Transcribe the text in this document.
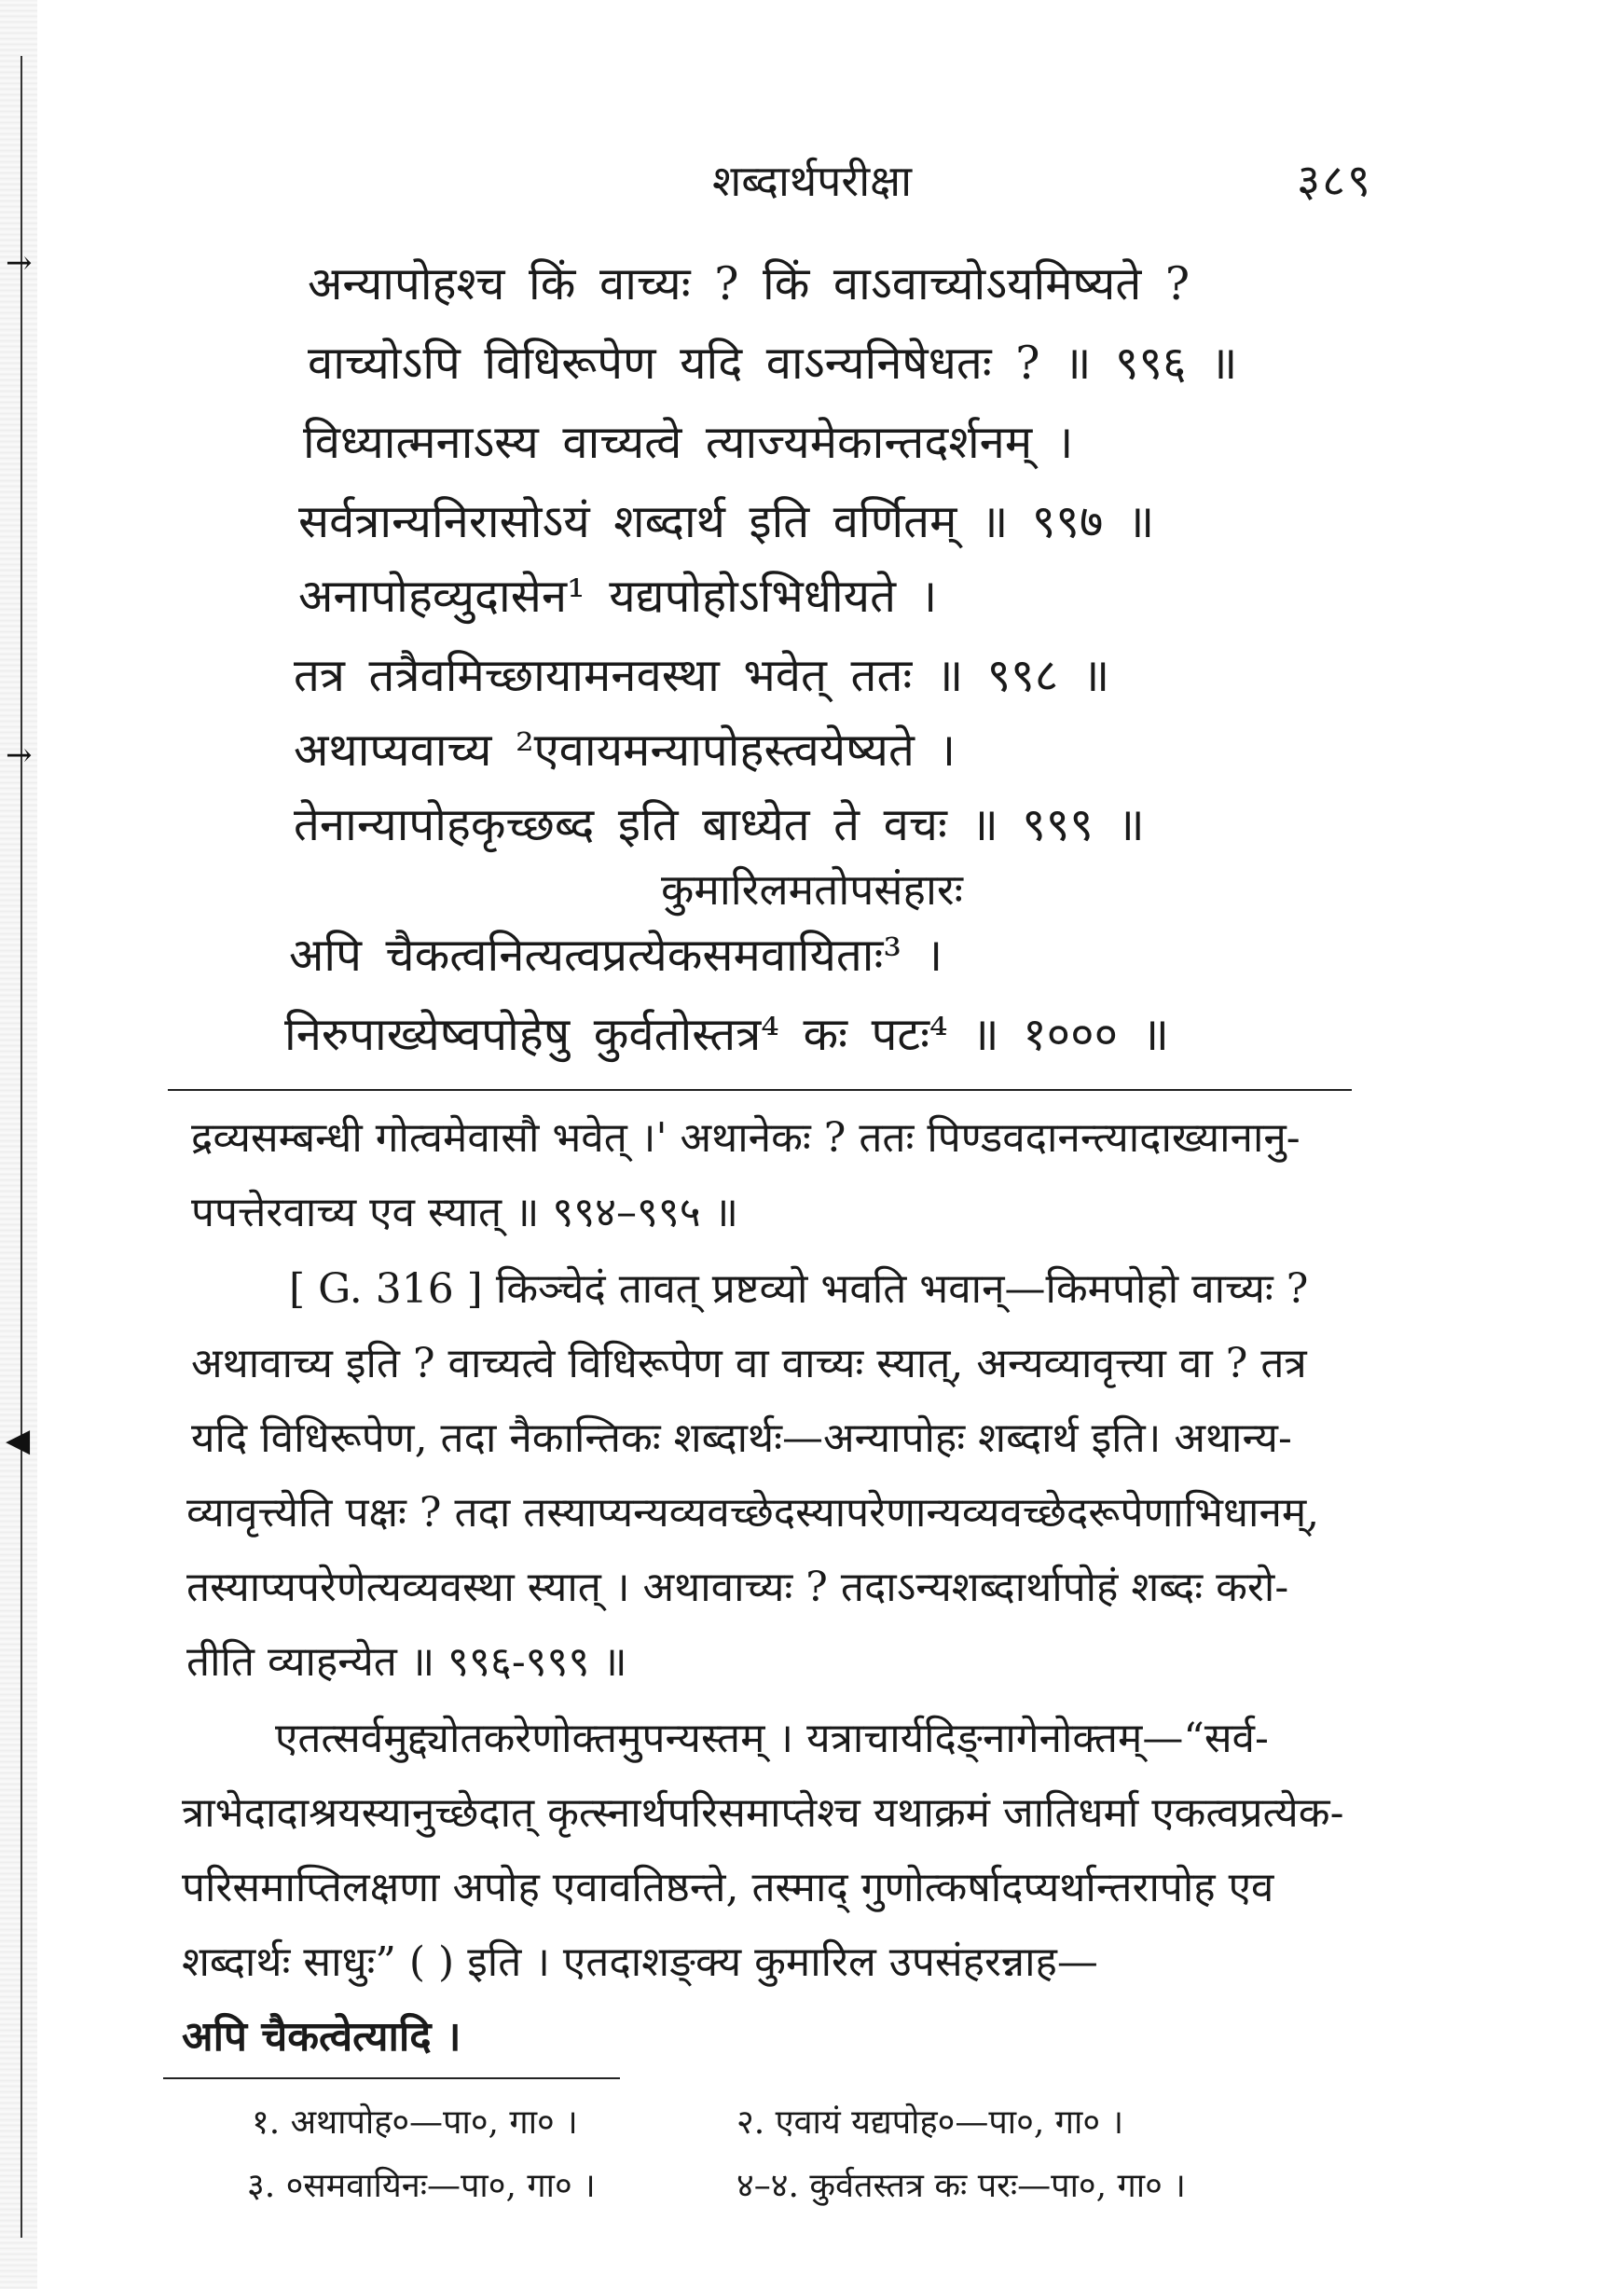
→
→
◀
शब्दार्थपरीक्षा	३८९
अन्यापोहश्च किं वाच्यः ? किं वाऽवाच्योऽयमिष्यते ?
वाच्योऽपि विधिरूपेण यदि वाऽन्यनिषेधतः ? ॥ ९९६ ॥
विध्यात्मनाऽस्य वाच्यत्वे त्याज्यमेकान्तदर्शनम् ।
सर्वत्रान्यनिरासोऽयं शब्दार्थ इति वर्णितम् ॥ ९९७ ॥
अनापोहव्युदासेन¹ यद्यपोहोऽभिधीयते ।
तत्र तत्रैवमिच्छायामनवस्था भवेत् ततः ॥ ९९८ ॥
अथाप्यवाच्य ²एवायमन्यापोहस्त्वयेष्यते ।
तेनान्यापोहकृच्छब्द इति बाध्येत ते वचः ॥ ९९९ ॥
कुमारिलमतोपसंहारः
अपि चैकत्वनित्यत्वप्रत्येकसमवायिताः³ ।
निरुपाख्येष्वपोहेषु कुर्वतोस्तत्र⁴ कः पटः⁴ ॥ १००० ॥
द्रव्यसम्बन्धी गोत्वमेवासौ भवेत् ।' अथानेकः ? ततः पिण्डवदानन्त्यादाख्यानानु-
पपत्तेरवाच्य एव स्यात् ॥ ९९४–९९५ ॥
[ G. 316 ] किञ्चेदं तावत् प्रष्टव्यो भवति भवान्—किमपोहो वाच्यः ?
अथावाच्य इति ? वाच्यत्वे विधिरूपेण वा वाच्यः स्यात्, अन्यव्यावृत्त्या वा ? तत्र
यदि विधिरूपेण, तदा नैकान्तिकः शब्दार्थः—अन्यापोहः शब्दार्थ इति। अथान्य-
व्यावृत्त्येति पक्षः ? तदा तस्याप्यन्यव्यवच्छेदस्यापरेणान्यव्यवच्छेदरूपेणाभिधानम्,
तस्याप्यपरेणेत्यव्यवस्था स्यात् । अथावाच्यः ? तदाऽन्यशब्दार्थापोहं शब्दः करो-
तीति व्याहन्येत ॥ ९९६-९९९ ॥
एतत्सर्वमुद्द्योतकरेणोक्तमुपन्यस्तम् । यत्राचार्यदिङ्नागेनोक्तम्—“सर्व-
त्राभेदादाश्रयस्यानुच्छेदात् कृत्स्नार्थपरिसमाप्तेश्च यथाक्रमं जातिधर्मा एकत्वप्रत्येक-
परिसमाप्तिलक्षणा अपोह एवावतिष्ठन्ते, तस्माद् गुणोत्कर्षादप्यर्थान्तरापोह एव
शब्दार्थः साधुः” ( ) इति । एतदाशङ्क्य कुमारिल उपसंहरन्नाह—
अपि चैकत्वेत्यादि ।
१. अथापोह०—पा०, गा० ।	२. एवायं यद्यपोह०—पा०, गा० ।
३. ०समवायिनः—पा०, गा० ।	४–४. कुर्वतस्तत्र कः परः—पा०, गा० ।
